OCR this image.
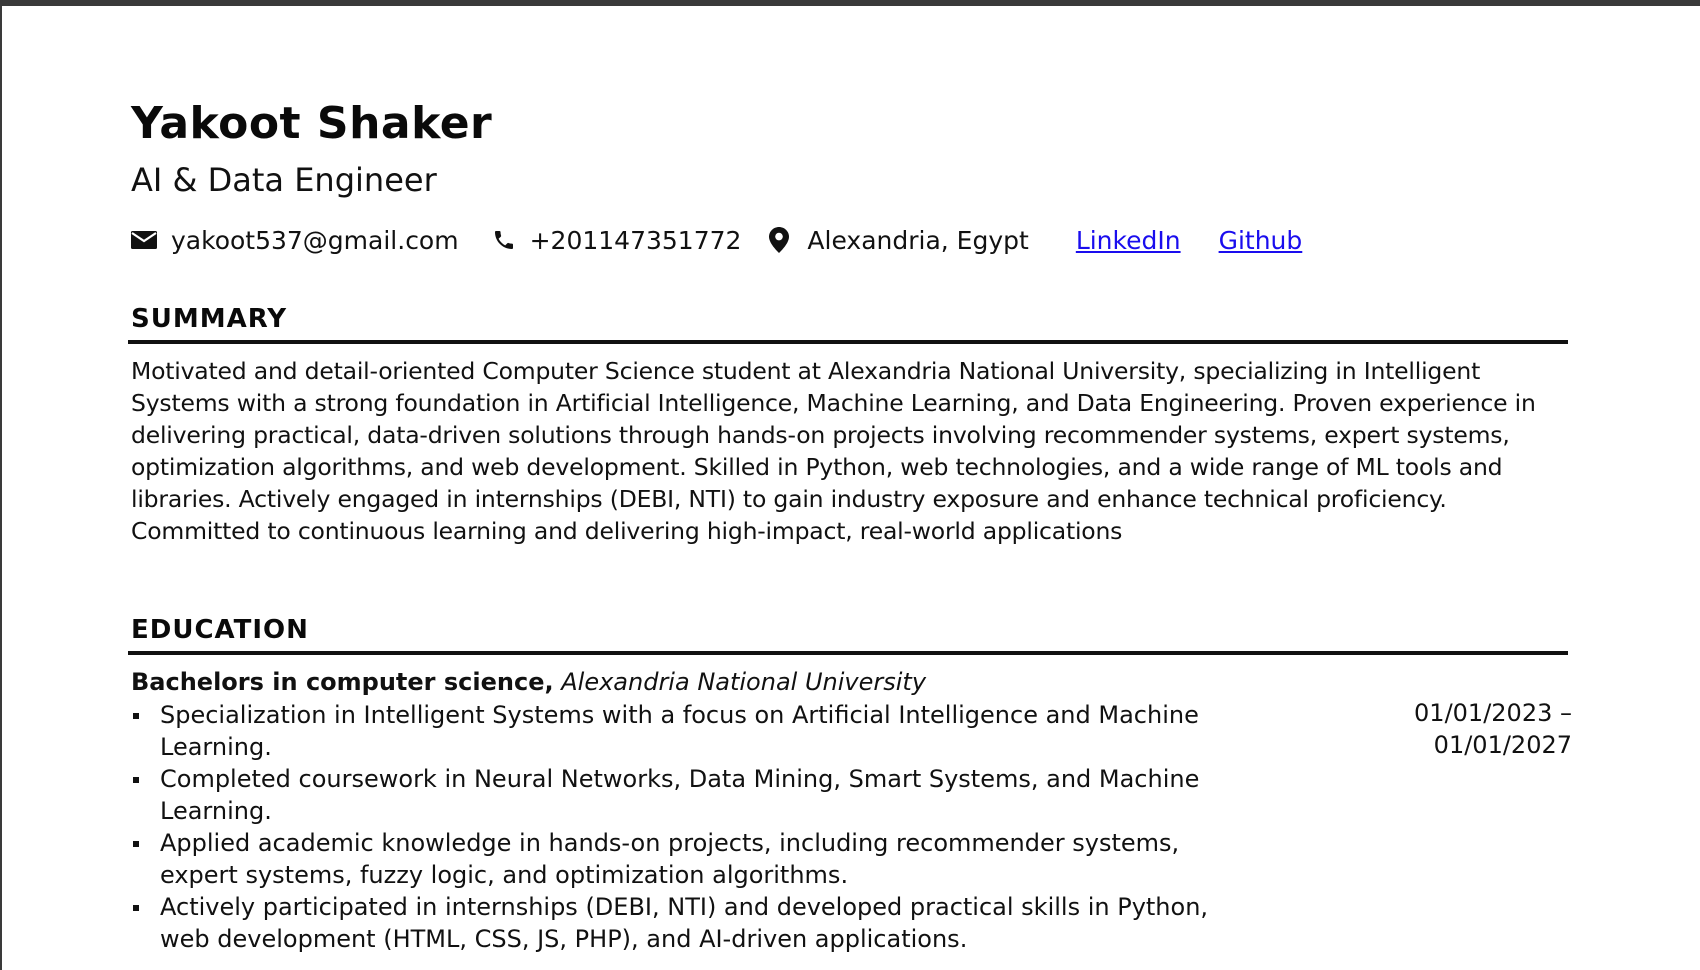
Yakoot Shaker
AI & Data Engineer
yakoot537@gmail.com	+201147351772	Alexandria, Egypt LinkedIn Github
SUMMARY

Motivated and detail-oriented Computer Science student at Alexandria National University, specializing in Intelligent Systems with a strong foundation in Artificial Intelligence, Machine Learning, and Data Engineering. Proven experience in delivering practical, data-driven solutions through hands-on projects involving recommender systems, expert systems, optimization algorithms, and web development. Skilled in Python, web technologies, and a wide range of ML tools and libraries. Actively engaged in internships (DEBI, NTI) to gain industry exposure and enhance technical proficiency.

Committed to continuous learning and delivering high-impact, real-world applications

EDUCATION
Bachelors in computer science, Alexandria National University
01/01/2023 –
01/01/2027
Specialization in Intelligent Systems with a focus on Artificial Intelligence and Machine Learning.
Completed coursework in Neural Networks, Data Mining, Smart Systems, and Machine Learning.
Applied academic knowledge in hands-on projects, including recommender systems, expert systems, fuzzy logic, and optimization algorithms.
Actively participated in internships (DEBI, NTI) and developed practical skills in Python, web development (HTML, CSS, JS, PHP), and AI-driven applications.
